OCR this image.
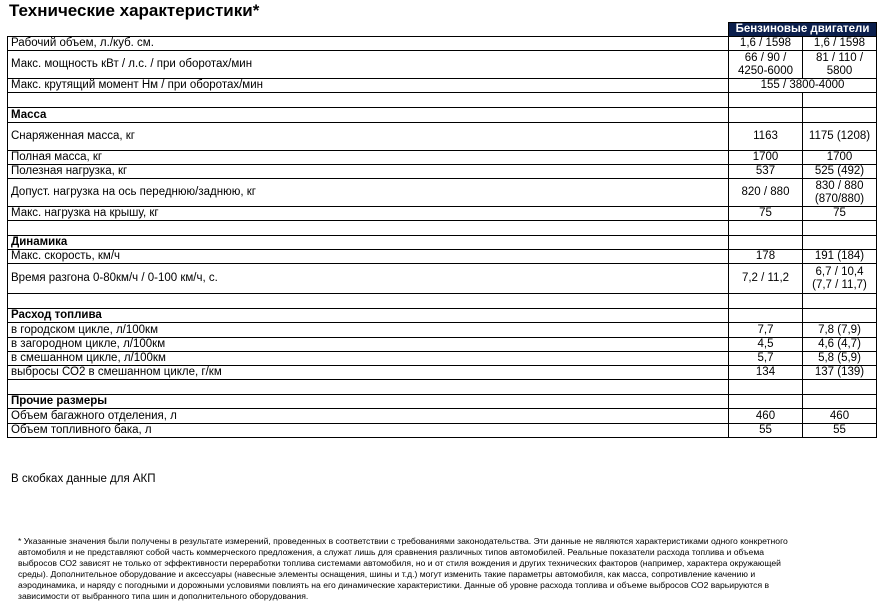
Технические характеристики*
	Бензиновые двигатели	
Рабочий объем, л./куб. см.	1,6 / 1598	1,6 / 1598
Макс. мощность кВт / л.с. / при оборотах/мин	66 / 90 / 4250-6000	81 / 110 / 5800
Макс. крутящий момент Нм / при оборотах/мин	155 / 3800-4000	

Масса		
Снаряженная масса, кг	1163	1175 (1208)
Полная масса, кг	1700	1700
Полезная нагрузка, кг	537	525 (492)
Допуст. нагрузка на ось переднюю/заднюю, кг	820 / 880	830 / 880 (870/880)
Макс. нагрузка на крышу, кг	75	75

Динамика		
Макс. скорость, км/ч	178	191 (184)
Время разгона 0-80км/ч / 0-100 км/ч, с.	7,2 / 11,2	6,7 / 10,4 (7,7 / 11,7)

Расход топлива		
в городском цикле, л/100км	7,7	7,8 (7,9)
в загородном цикле, л/100км	4,5	4,6 (4,7)
в смешанном цикле, л/100км	5,7	5,8 (5,9)
выбросы СО2 в смешанном цикле, г/км	134	137 (139)

Прочие размеры		
Объем багажного отделения, л	460	460
Объем топливного бака, л	55	55
В скобках данные для АКП
* Указанные значения были получены в результате измерений, проведенных в соответствии с требованиями законодательства. Эти данные не являются характеристиками одного конкретного автомобиля и не представляют собой часть коммерческого предложения, а служат лишь для сравнения различных типов автомобилей. Реальные показатели расхода топлива и объема выбросов СО2 зависят не только от эффективности переработки топлива системами автомобиля, но и от стиля вождения и других технических факторов (например, характера окружающей среды). Дополнительное оборудование и аксессуары (навесные элементы оснащения, шины и т.д.) могут изменить такие параметры автомобиля, как масса, сопротивление качению и аэродинамика, и наряду с погодными и дорожными условиями повлиять на его динамические характеристики. Данные об уровне расхода топлива и объеме выбросов СО2 варьируются в зависимости от выбранного типа шин и дополнительного оборудования.
